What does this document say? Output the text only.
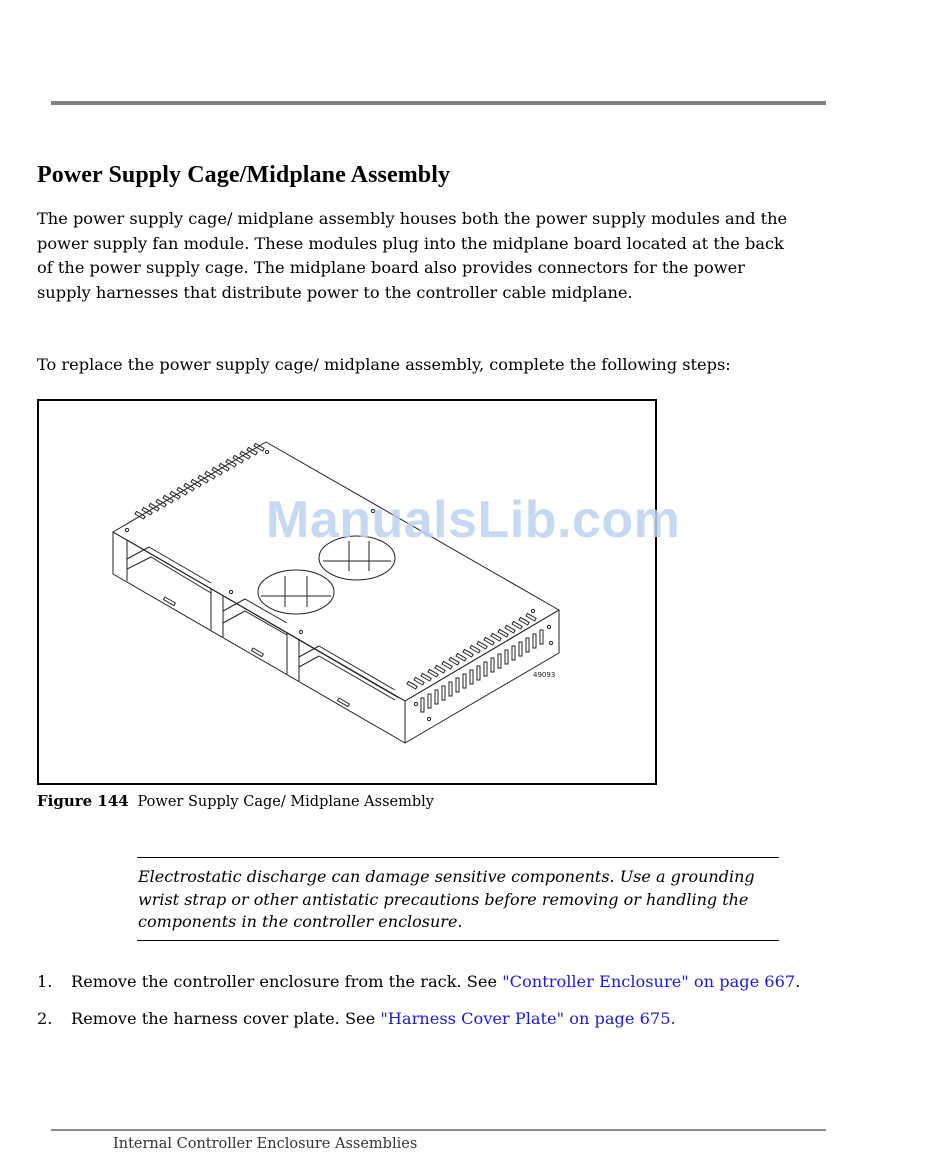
Power Supply Cage/Midplane Assembly

The power supply cage/ midplane assembly houses both the power supply modules and the power supply fan module. These modules plug into the midplane board located at the back of the power supply cage. The midplane board also provides connectors for the power supply harnesses that distribute power to the controller cable midplane.

To replace the power supply cage/ midplane assembly, complete the following steps:

49093

ManualsLib.com

Figure 144 Power Supply Cage/ Midplane Assembly

Electrostatic discharge can damage sensitive components. Use a grounding wrist strap or other antistatic precautions before removing or handling the components in the controller enclosure.

1. Remove the controller enclosure from the rack. See "Controller Enclosure" on page 667.

2. Remove the harness cover plate. See "Harness Cover Plate" on page 675.

Internal Controller Enclosure Assemblies
